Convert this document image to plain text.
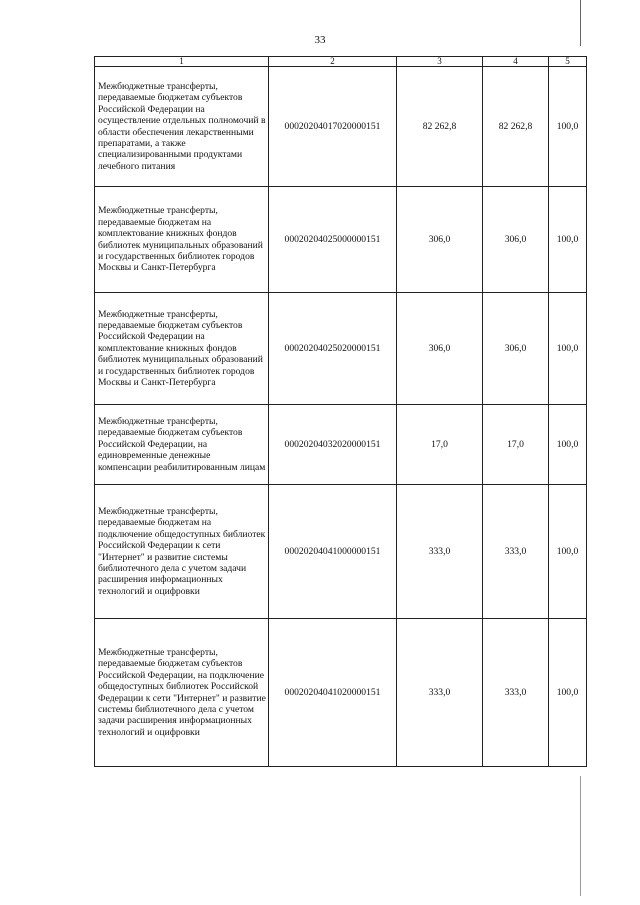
33
1	2	3	4	5
Межбюджетные трансферты, передаваемые бюджетам субъектов Российской Федерации на осуществление отдельных полномочий в области обеспечения лекарственными препаратами, а также специализированными продуктами лечебного питания	00020204017020000151	82 262,8	82 262,8	100,0
Межбюджетные трансферты, передаваемые бюджетам на комплектование книжных фондов библиотек муниципальных образований и государственных библиотек городов Москвы и Санкт-Петербурга	00020204025000000151	306,0	306,0	100,0
Межбюджетные трансферты, передаваемые бюджетам субъектов Российской Федерации на комплектование книжных фондов библиотек муниципальных образований и государственных библиотек городов Москвы и Санкт-Петербурга	00020204025020000151	306,0	306,0	100,0
Межбюджетные трансферты, передаваемые бюджетам субъектов Российской Федерации, на единовременные денежные компенсации реабилитированным лицам	00020204032020000151	17,0	17,0	100,0
Межбюджетные трансферты, передаваемые бюджетам на подключение общедоступных библиотек Российской Федерации к сети "Интернет" и развитие системы библиотечного дела с учетом задачи расширения информационных технологий и оцифровки	00020204041000000151	333,0	333,0	100,0
Межбюджетные трансферты, передаваемые бюджетам субъектов Российской Федерации, на подключение общедоступных библиотек Российской Федерации к сети "Интернет" и развитие системы библиотечного дела с учетом задачи расширения информационных технологий и оцифровки	00020204041020000151	333,0	333,0	100,0
